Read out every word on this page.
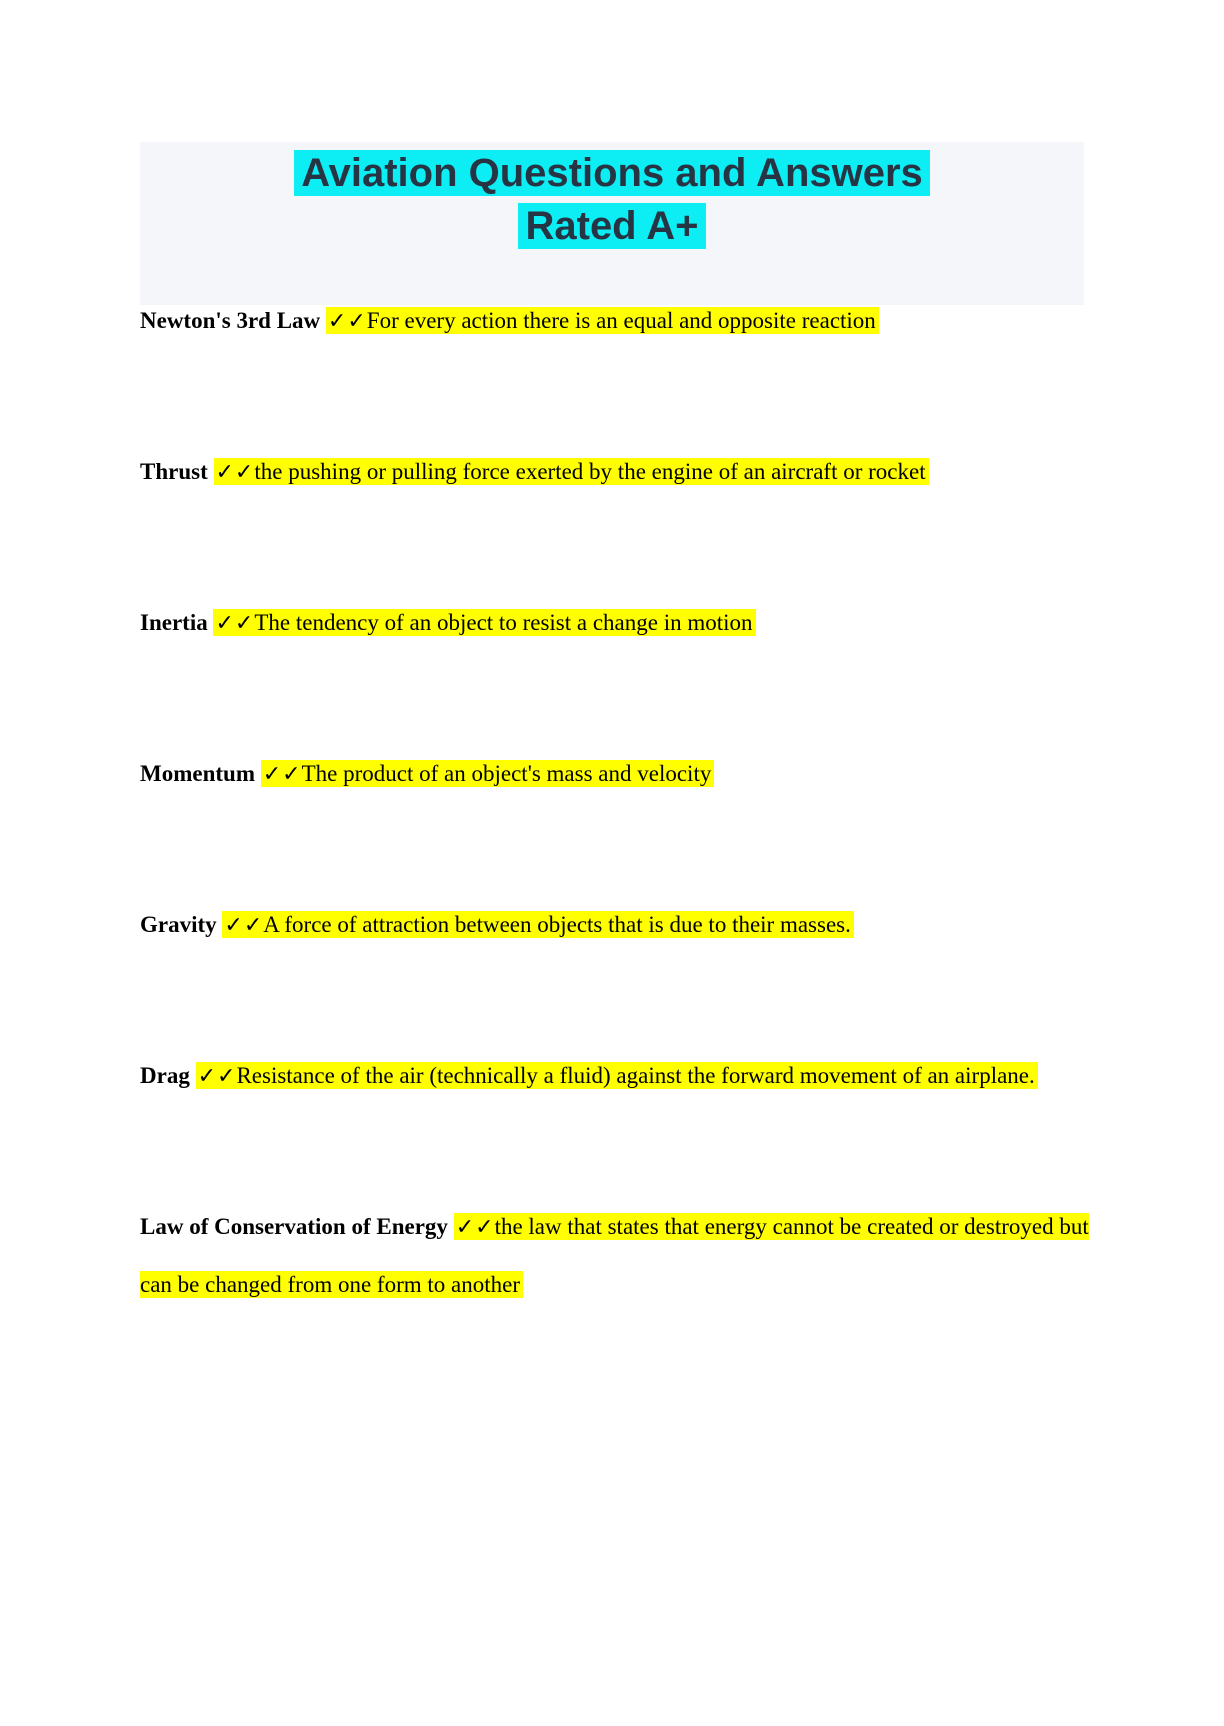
Aviation Questions and Answers
Rated A+
Newton's 3rd Law ✓✓For every action there is an equal and opposite reaction
Thrust ✓✓the pushing or pulling force exerted by the engine of an aircraft or rocket
Inertia ✓✓The tendency of an object to resist a change in motion
Momentum ✓✓The product of an object's mass and velocity
Gravity ✓✓A force of attraction between objects that is due to their masses.
Drag ✓✓Resistance of the air (technically a fluid) against the forward movement of an airplane.
Law of Conservation of Energy ✓✓the law that states that energy cannot be created or destroyed but can be changed from one form to another
